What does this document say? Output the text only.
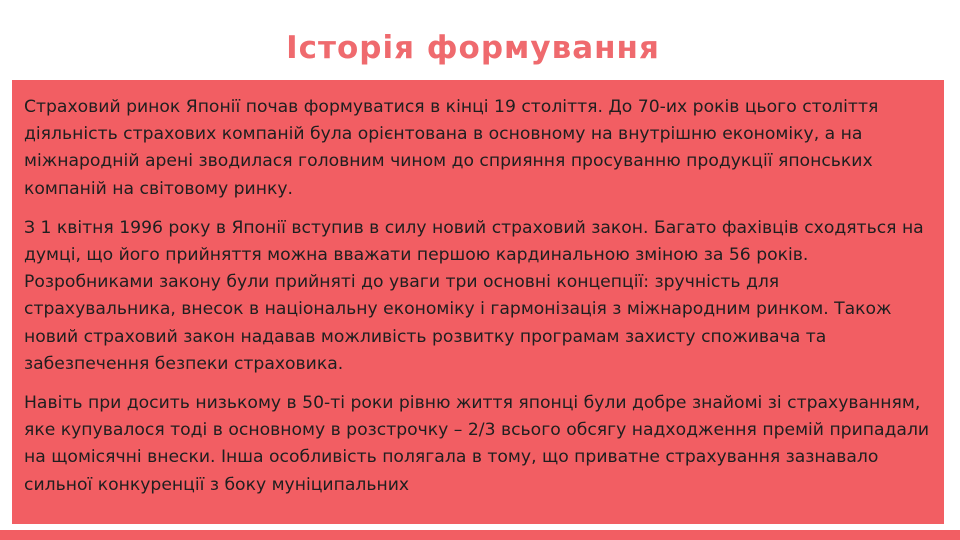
Історія формування

Страховий ринок Японії почав формуватися в кінці 19 століття. До 70-их років цього століття діяльність страхових компаній була орієнтована в основному на внутрішню економіку, а на міжнародній арені зводилася головним чином до сприяння просуванню продукції японських компаній на світовому ринку.

З 1 квітня 1996 року в Японії вступив в силу новий страховий закон. Багато фахівців сходяться на думці, що його прийняття можна вважати першою кардинальною зміною за 56 років. Розробниками закону були прийняті до уваги три основні концепції: зручність для страхувальника, внесок в національну економіку і гармонізація з міжнародним ринком. Також новий страховий закон надавав можливість розвитку програмам захисту споживача та забезпечення безпеки страховика.

Навіть при досить низькому в 50-ті роки рівню життя японці були добре знайомі зі страхуванням, яке купувалося тоді в основному в розстрочку – 2/3 всього обсягу надходження премій припадали на щомісячні внески. Інша особливість полягала в тому, що приватне страхування зазнавало сильної конкуренції з боку муніципальних
